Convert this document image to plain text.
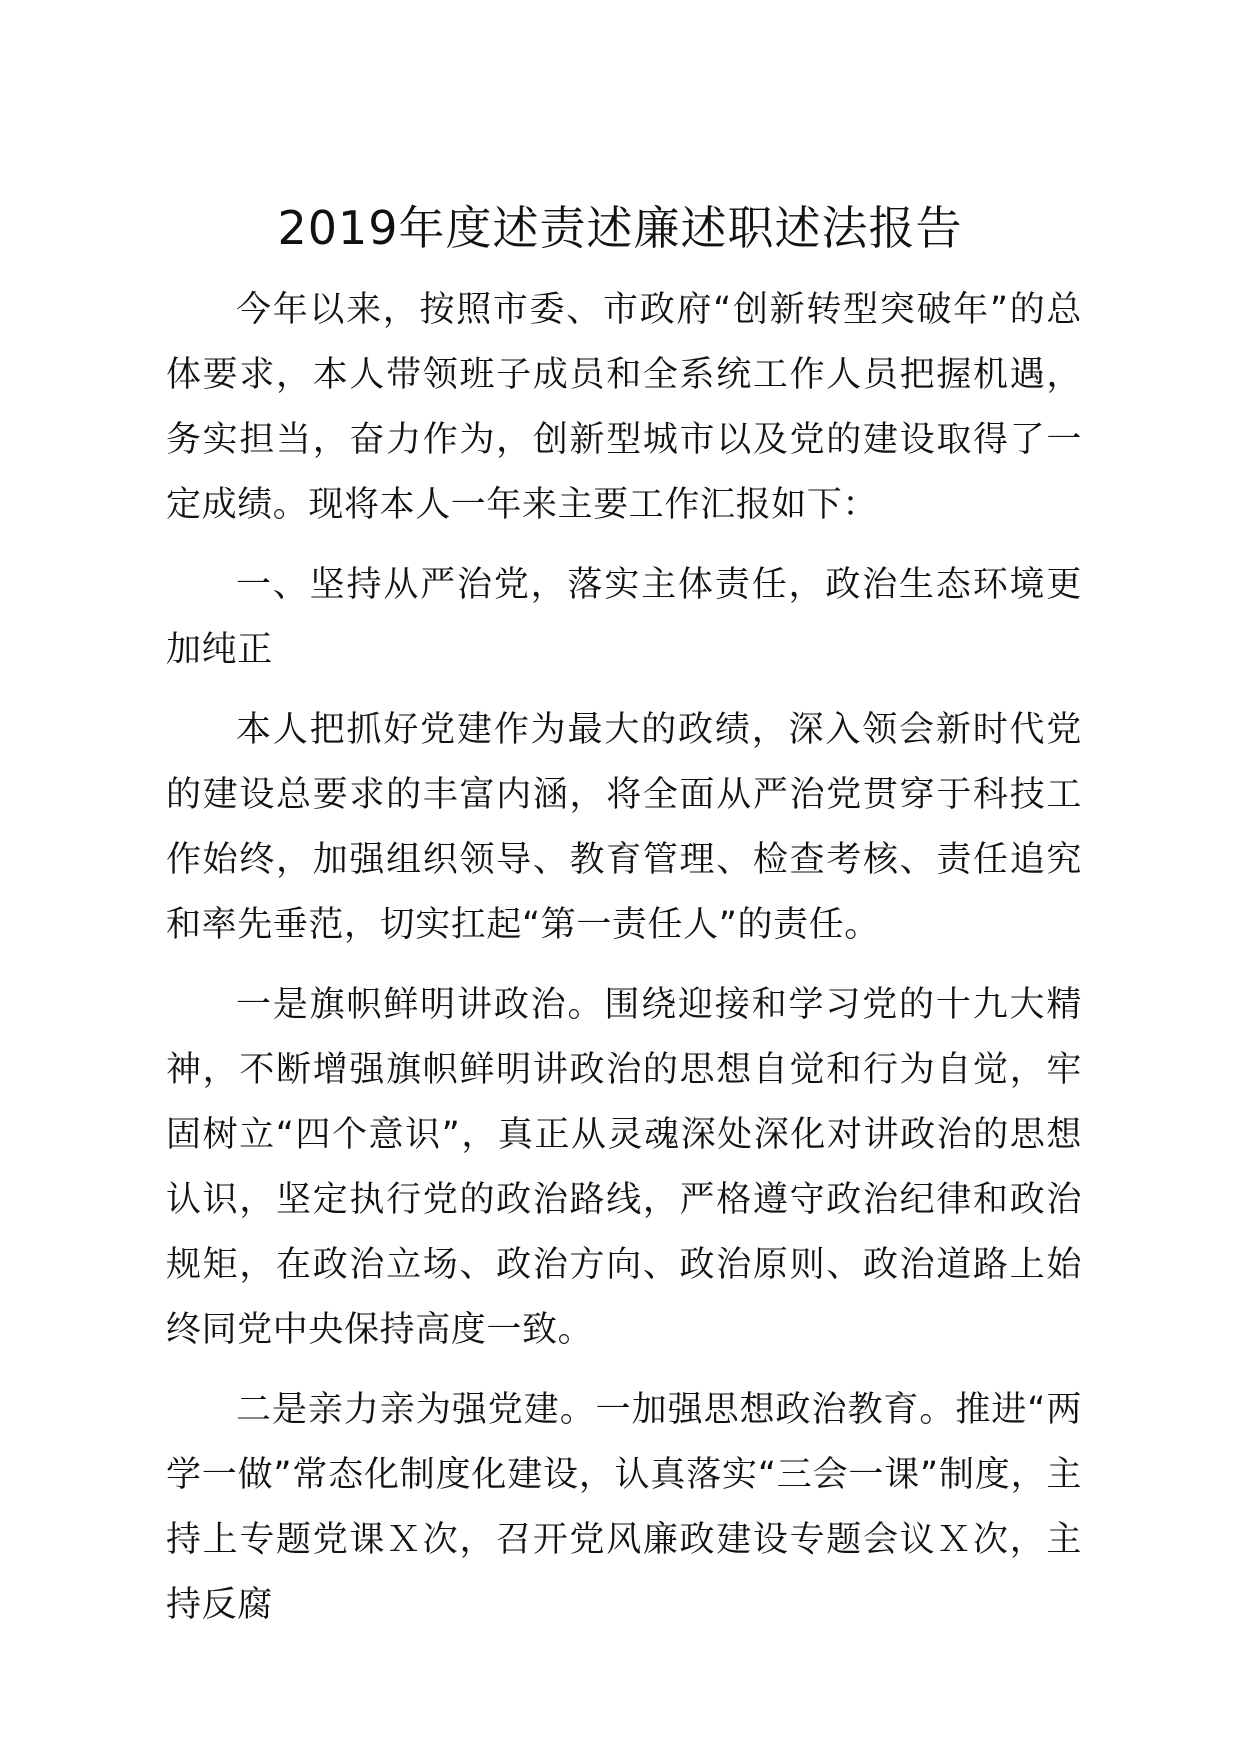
2019年度述责述廉述职述法报告

今年以来，按照市委、市政府“创新转型突破年”的总体要求，本人带领班子成员和全系统工作人员把握机遇，务实担当，奋力作为，创新型城市以及党的建设取得了一定成绩。现将本人一年来主要工作汇报如下：

一、坚持从严治党，落实主体责任，政治生态环境更加纯正

本人把抓好党建作为最大的政绩，深入领会新时代党的建设总要求的丰富内涵，将全面从严治党贯穿于科技工作始终，加强组织领导、教育管理、检查考核、责任追究和率先垂范，切实扛起“第一责任人”的责任。

一是旗帜鲜明讲政治。围绕迎接和学习党的十九大精神，不断增强旗帜鲜明讲政治的思想自觉和行为自觉，牢固树立“四个意识”，真正从灵魂深处深化对讲政治的思想认识，坚定执行党的政治路线，严格遵守政治纪律和政治规矩，在政治立场、政治方向、政治原则、政治道路上始终同党中央保持高度一致。

二是亲力亲为强党建。一加强思想政治教育。推进“两学一做”常态化制度化建设，认真落实“三会一课”制度，主持上专题党课Ｘ次，召开党风廉政建设专题会议Ｘ次，主持反腐
